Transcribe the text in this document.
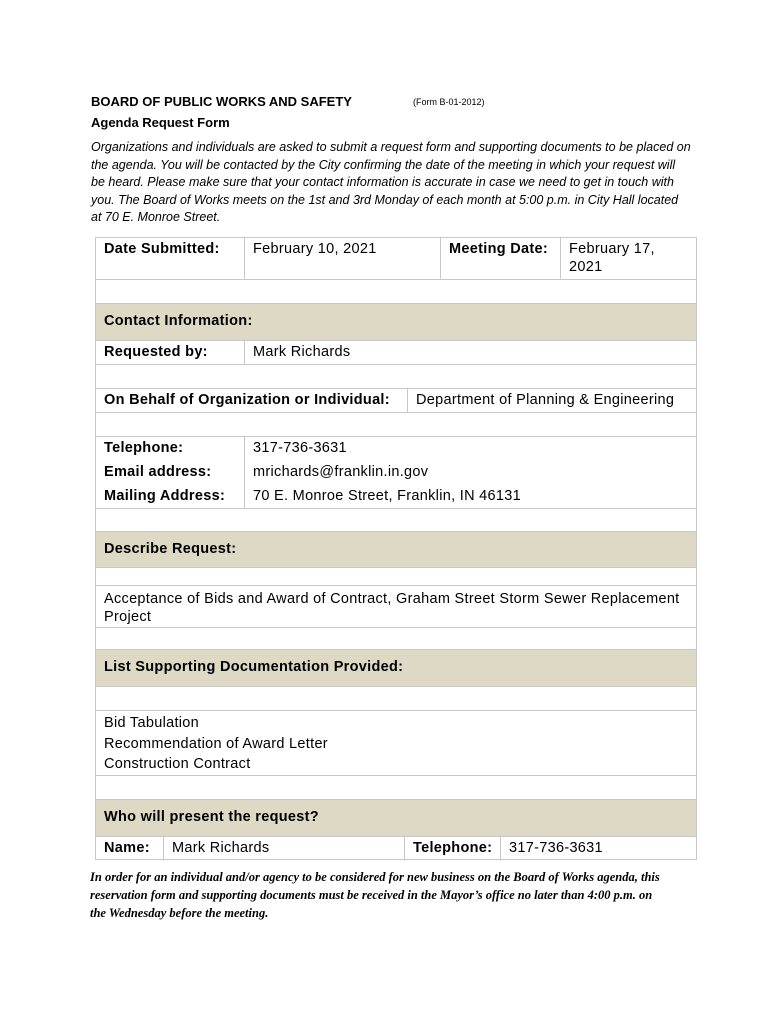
BOARD OF PUBLIC WORKS AND SAFETY	(Form B-01-2012)
Agenda Request Form
Organizations and individuals are asked to submit a request form and supporting documents to be placed on the agenda. You will be contacted by the City confirming the date of the meeting in which your request will be heard. Please make sure that your contact information is accurate in case we need to get in touch with you. The Board of Works meets on the 1st and 3rd Monday of each month at 5:00 p.m. in City Hall located at 70 E. Monroe Street.
Date Submitted:	February 10, 2021	Meeting Date:	February 17, 2021
Contact Information:
Requested by:	Mark Richards
On Behalf of Organization or Individual:	Department of Planning & Engineering
Telephone:	317-736-3631
Email address:	mrichards@franklin.in.gov
Mailing Address:	70 E. Monroe Street, Franklin, IN 46131
Describe Request:
Acceptance of Bids and Award of Contract, Graham Street Storm Sewer Replacement Project
List Supporting Documentation Provided:
Bid Tabulation
Recommendation of Award Letter
Construction Contract
Who will present the request?
Name:	Mark Richards	Telephone:	317-736-3631
In order for an individual and/or agency to be considered for new business on the Board of Works agenda, this reservation form and supporting documents must be received in the Mayor’s office no later than 4:00 p.m. on the Wednesday before the meeting.
